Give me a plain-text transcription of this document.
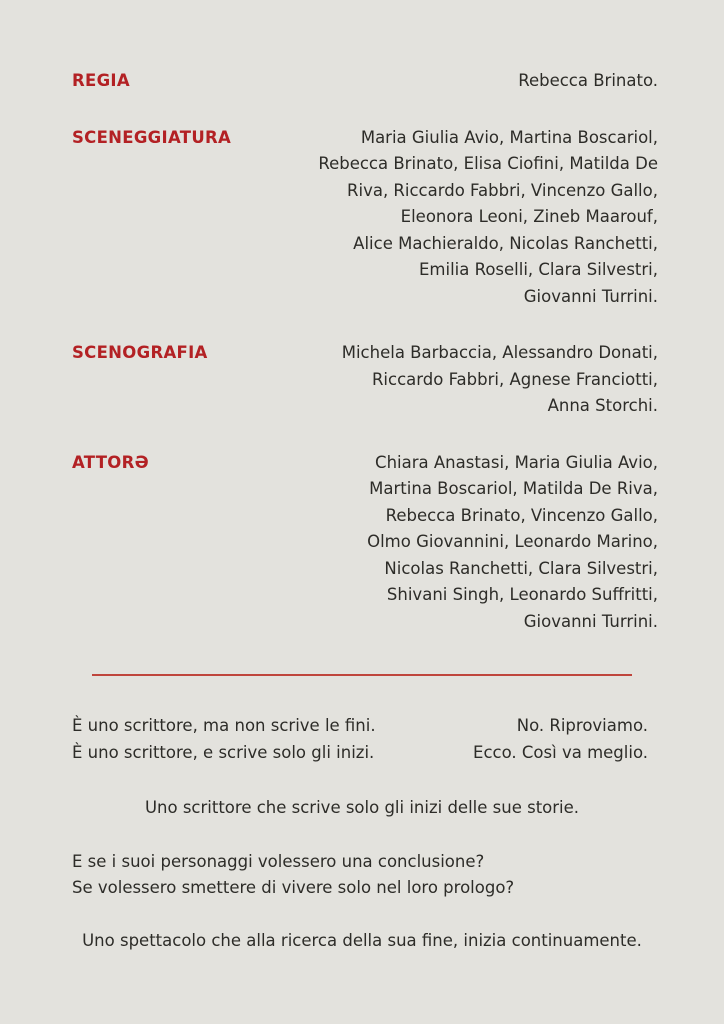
REGIA	Rebecca Brinato.
SCENEGGIATURA	Maria Giulia Avio, Martina Boscariol,
Rebecca Brinato, Elisa Ciofini, Matilda De
Riva, Riccardo Fabbri, Vincenzo Gallo,
Eleonora Leoni, Zineb Maarouf,
Alice Machieraldo, Nicolas Ranchetti,
Emilia Roselli, Clara Silvestri,
Giovanni Turrini.
SCENOGRAFIA	Michela Barbaccia, Alessandro Donati,
Riccardo Fabbri, Agnese Franciotti,
Anna Storchi.
ATTORƏ	Chiara Anastasi, Maria Giulia Avio,
Martina Boscariol, Matilda De Riva,
Rebecca Brinato, Vincenzo Gallo,
Olmo Giovannini, Leonardo Marino,
Nicolas Ranchetti, Clara Silvestri,
Shivani Singh, Leonardo Suffritti,
Giovanni Turrini.
È uno scrittore, ma non scrive le fini.	No. Riproviamo.
È uno scrittore, e scrive solo gli inizi.	Ecco. Così va meglio.

Uno scrittore che scrive solo gli inizi delle sue storie.

E se i suoi personaggi volessero una conclusione?
Se volessero smettere di vivere solo nel loro prologo?

Uno spettacolo che alla ricerca della sua fine, inizia continuamente.
